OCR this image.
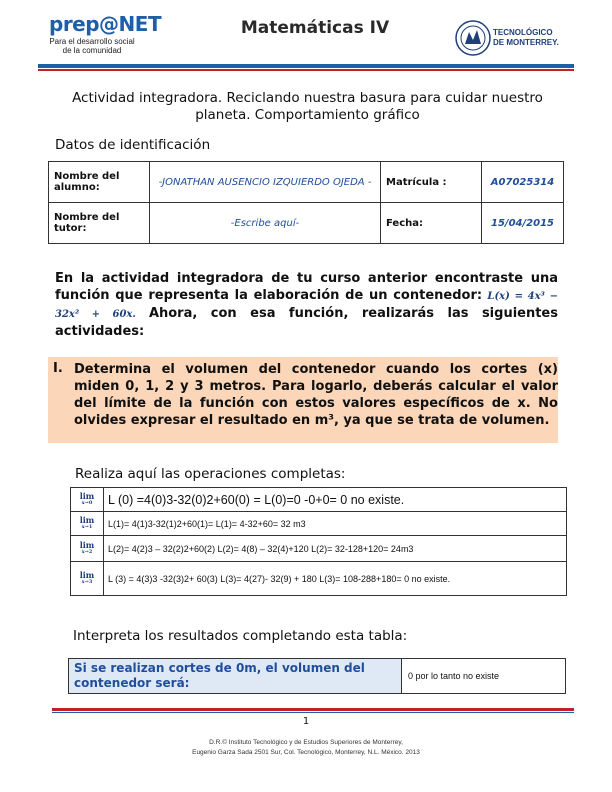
prep@NET
Para el desarrollo social de la comunidad
Matemáticas IV	TECNOLÓGICO
DE MONTERREY.
Actividad integradora. Reciclando nuestra basura para cuidar nuestro planeta. Comportamiento gráfico
Datos de identificación
Nombre del alumno:	-JONATHAN AUSENCIO IZQUIERDO OJEDA -	Matrícula :	A07025314
Nombre del tutor:	-Escribe aquí-	Fecha:	15/04/2015
En la actividad integradora de tu curso anterior encontraste una función que representa la elaboración de un contenedor: L(x) = 4x³ − 32x² + 60x. Ahora, con esa función, realizarás las siguientes actividades:
I. Determina el volumen del contenedor cuando los cortes (x) miden 0, 1, 2 y 3 metros. Para logarlo, deberás calcular el valor del límite de la función con estos valores específicos de x. No olvides expresar el resultado en m³, ya que se trata de volumen.
Realiza aquí las operaciones completas:
lim
x→0	L (0) =4(0)3-32(0)2+60(0) = L(0)=0 -0+0= 0 no existe.
lim
x→1	L(1)= 4(1)3-32(1)2+60(1)= L(1)= 4-32+60= 32 m3
lim
x→2	L(2)= 4(2)3 – 32(2)2+60(2) L(2)= 4(8) – 32(4)+120 L(2)= 32-128+120= 24m3
lim
x→3	L (3) = 4(3)3 -32(3)2+ 60(3) L(3)= 4(27)- 32(9) + 180 L(3)= 108-288+180= 0 no existe.
Interpreta los resultados completando esta tabla:
Si se realizan cortes de 0m, el volumen del contenedor será:	0 por lo tanto no existe
1
D.R.© Instituto Tecnológico y de Estudios Superiores de Monterrey,
Eugenio Garza Sada 2501 Sur, Col. Tecnológico, Monterrey, N.L. México. 2013
